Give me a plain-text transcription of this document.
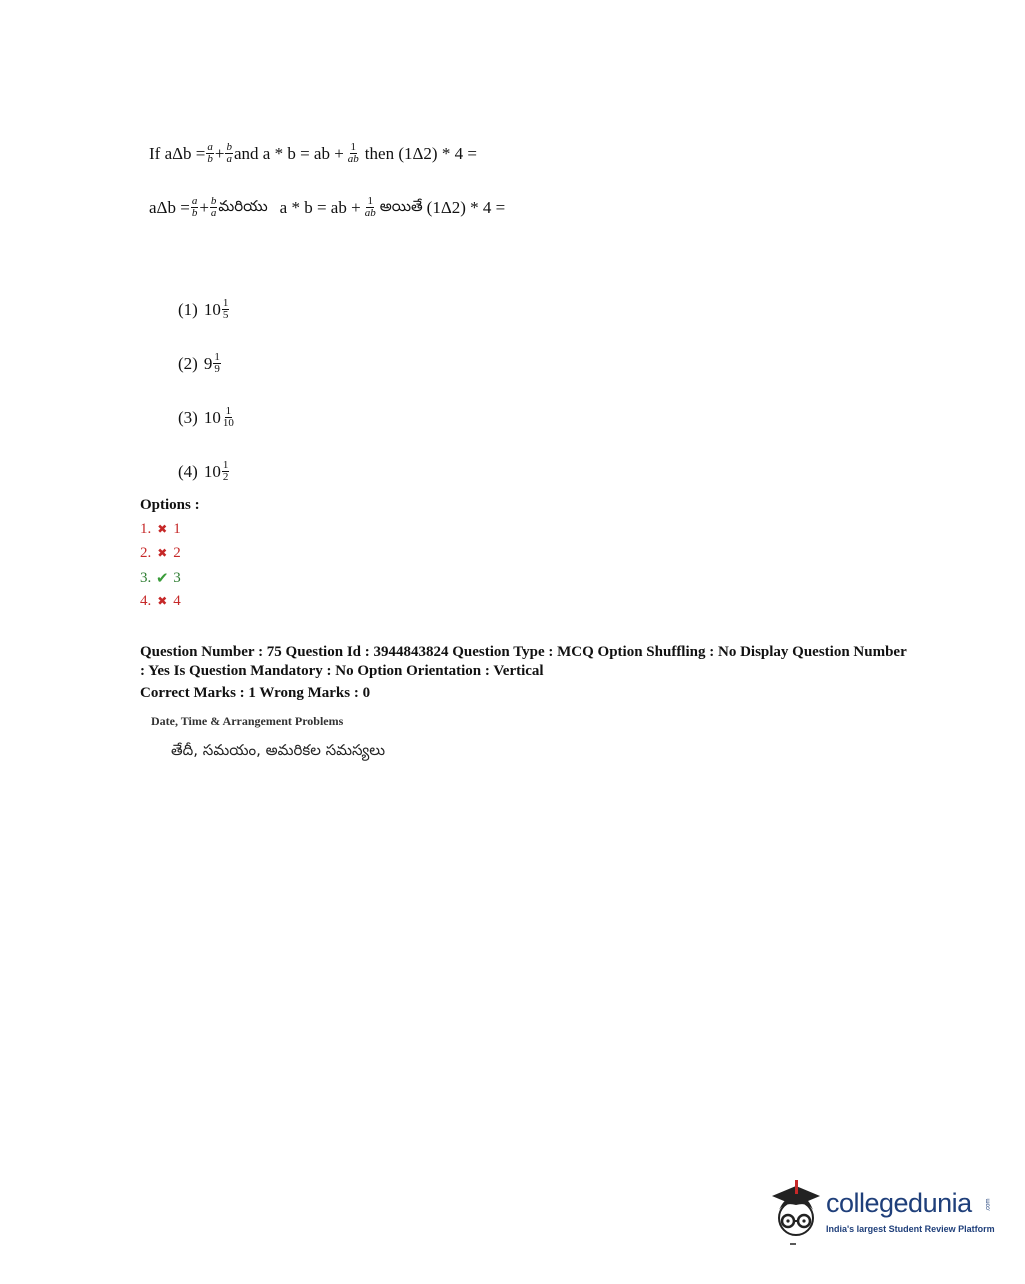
If $a\Delta b = \frac{a}{b} + \frac{b}{a}$ and a * b = ab + $\frac{1}{ab}$ then (1Δ2) * 4 =
$a\Delta b = \frac{a}{b} + \frac{b}{a}$ మరియు a * b = ab + $\frac{1}{ab}$ అయితే (1Δ2) * 4 =
(1) $10 \frac{1}{5}$
(2) $9 \frac{1}{9}$
(3) $10 \frac{1}{10}$
(4) $10 \frac{1}{2}$
Options :
1. ✖ 1
2. ✖ 2
3. ✔ 3
4. ✖ 4
Question Number : 75 Question Id : 3944843824 Question Type : MCQ Option Shuffling : No Display Question Number : Yes Is Question Mandatory : No Option Orientation : Vertical
Correct Marks : 1 Wrong Marks : 0
Date, Time & Arrangement Problems
తేదీ, సమయం, అమరికల సమస్యలు
collegedunia .com
India's largest Student Review Platform
